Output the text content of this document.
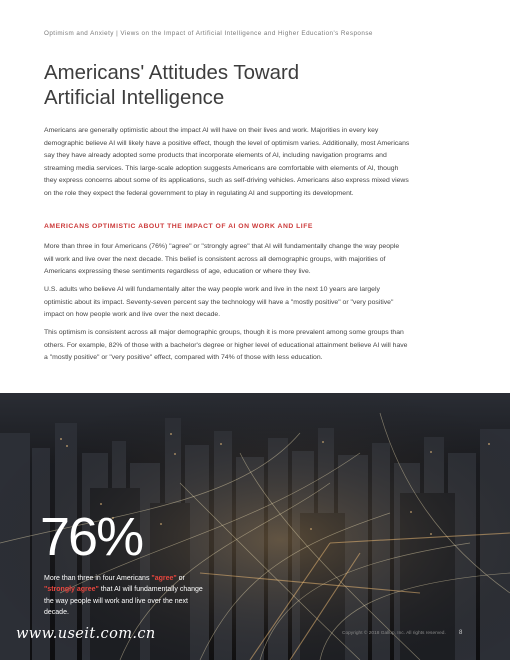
Optimism and Anxiety | Views on the Impact of Artificial Intelligence and Higher Education's Response
Americans' Attitudes Toward
Artificial Intelligence

Americans are generally optimistic about the impact AI will have on their lives and work. Majorities in every key demographic believe AI will likely have a positive effect, though the level of optimism varies. Additionally, most Americans say they have already adopted some products that incorporate elements of AI, including navigation programs and streaming media services. This large-scale adoption suggests Americans are comfortable with elements of AI, though they express concerns about some of its applications, such as self-driving vehicles. Americans also express mixed views on the role they expect the federal government to play in regulating AI and supporting its development.

AMERICANS OPTIMISTIC ABOUT THE IMPACT OF AI ON WORK AND LIFE

More than three in four Americans (76%) "agree" or "strongly agree" that AI will fundamentally change the way people will work and live over the next decade. This belief is consistent across all demographic groups, with majorities of Americans expressing these sentiments regardless of age, education or where they live.

U.S. adults who believe AI will fundamentally alter the way people work and live in the next 10 years are largely optimistic about its impact. Seventy-seven percent say the technology will have a "mostly positive" or "very positive" impact on how people work and live over the next decade.

This optimism is consistent across all major demographic groups, though it is more prevalent among some groups than others. For example, 82% of those with a bachelor's degree or higher level of educational attainment believe AI will have a "mostly positive" or "very positive" effect, compared with 74% of those with less education.

76%

More than three in four Americans "agree" or "strongly agree" that AI will fundamentally change the way people will work and live over the next decade.

www.useit.com.cn	Copyright © 2018 Gallup, Inc. All rights reserved. 8
